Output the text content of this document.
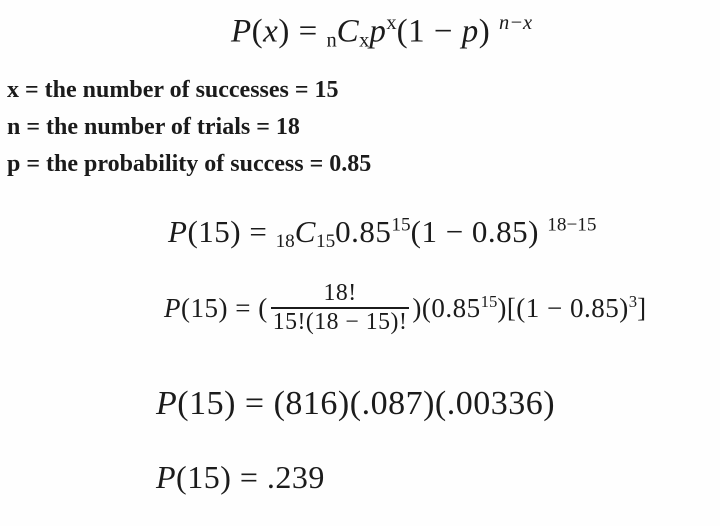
P(x) = nCxp$^x$(1 − p) $^{n-x}$
x = the number of successes = 15
n = the number of trials = 18
p = the probability of success = 0.85
$P(15) = 18C150.85^{15}(1 - 0.85)$ $^{18-15}$
P(15) = ( $\frac{18!}{15!(18 - 15)!} )(0.85^{15})[(1 - 0.85)^3]$
P(15) = (816)(.087)(.00336)
P(15) = .239
